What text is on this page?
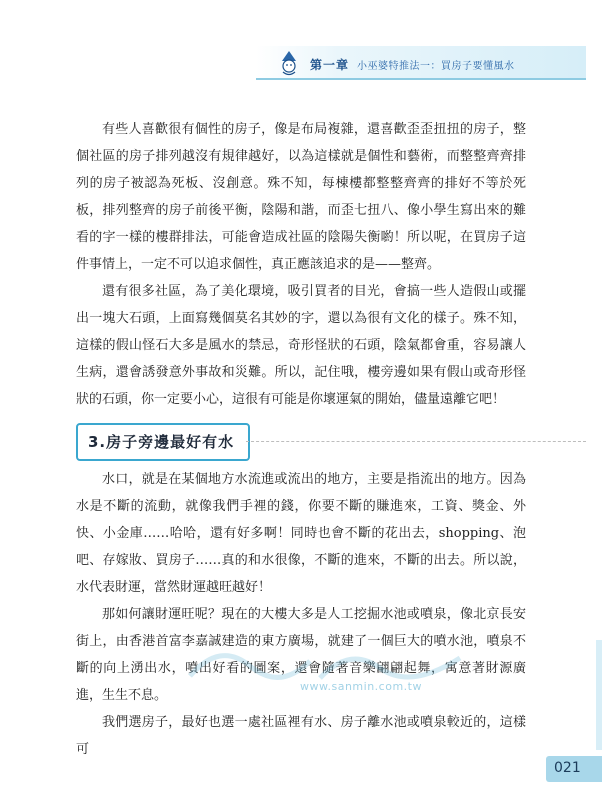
第一章 小巫婆特推法一：買房子要懂風水

有些人喜歡很有個性的房子，像是布局複雜，還喜歡歪歪扭扭的房子，整個社區的房子排列越沒有規律越好，以為這樣就是個性和藝術，而整整齊齊排列的房子被認為死板、沒創意。殊不知，每棟樓都整整齊齊的排好不等於死板，排列整齊的房子前後平衡，陰陽和諧，而歪七扭八、像小學生寫出來的難看的字一樣的樓群排法，可能會造成社區的陰陽失衡喲！所以呢，在買房子這件事情上，一定不可以追求個性，真正應該追求的是——整齊。

還有很多社區，為了美化環境，吸引買者的目光，會搞一些人造假山或擺出一塊大石頭，上面寫幾個莫名其妙的字，還以為很有文化的樣子。殊不知，這樣的假山怪石大多是風水的禁忌，奇形怪狀的石頭，陰氣都會重，容易讓人生病，還會誘發意外事故和災難。所以，記住哦，樓旁邊如果有假山或奇形怪狀的石頭，你一定要小心，這很有可能是你壞運氣的開始，儘量遠離它吧！

3.房子旁邊最好有水

水口，就是在某個地方水流進或流出的地方，主要是指流出的地方。因為水是不斷的流動，就像我們手裡的錢，你要不斷的賺進來，工資、獎金、外快、小金庫……哈哈，還有好多啊！同時也會不斷的花出去，shopping、泡吧、存嫁妝、買房子……真的和水很像，不斷的進來，不斷的出去。所以說，水代表財運，當然財運越旺越好！

那如何讓財運旺呢？現在的大樓大多是人工挖掘水池或噴泉，像北京長安街上，由香港首富李嘉誠建造的東方廣場，就建了一個巨大的噴水池，噴泉不斷的向上湧出水，噴出好看的圖案，還會隨著音樂翩翩起舞，寓意著財源廣進，生生不息。

我們選房子，最好也選一處社區裡有水、房子離水池或噴泉較近的，這樣可

www.sanmin.com.tw
021
